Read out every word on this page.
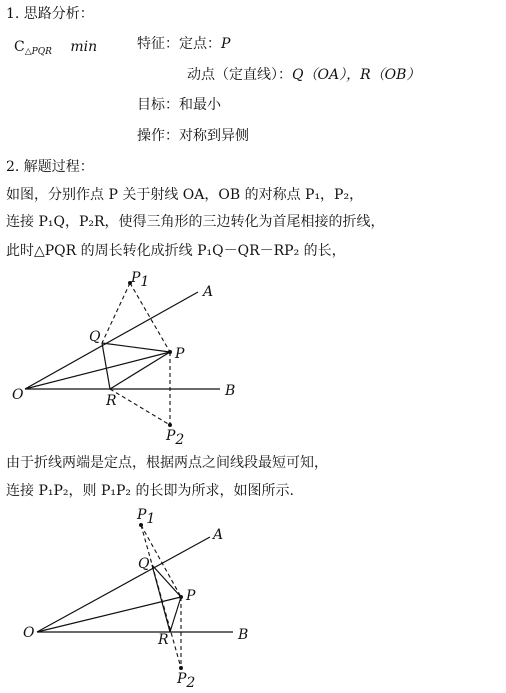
1. 思路分析：
$C_{\triangle PQR}$ min	特征：定点：P
动点（定直线）：Q（OA），R（OB）
目标：和最小
操作：对称到异侧
2. 解题过程：
如图，分别作点 P 关于射线 OA，OB 的对称点 P₁，P₂，
连接 P₁Q，P₂R，使得三角形的三边转化为首尾相接的折线，
此时△PQR 的周长转化成折线 P₁Q－QR－RP₂ 的长，
P1
A
Q
P
O	R
B
P2
由于折线两端是定点，根据两点之间线段最短可知，
连接 P₁P₂，则 P₁P₂ 的长即为所求，如图所示.
P1
A
Q
P
O	R	B
P2
